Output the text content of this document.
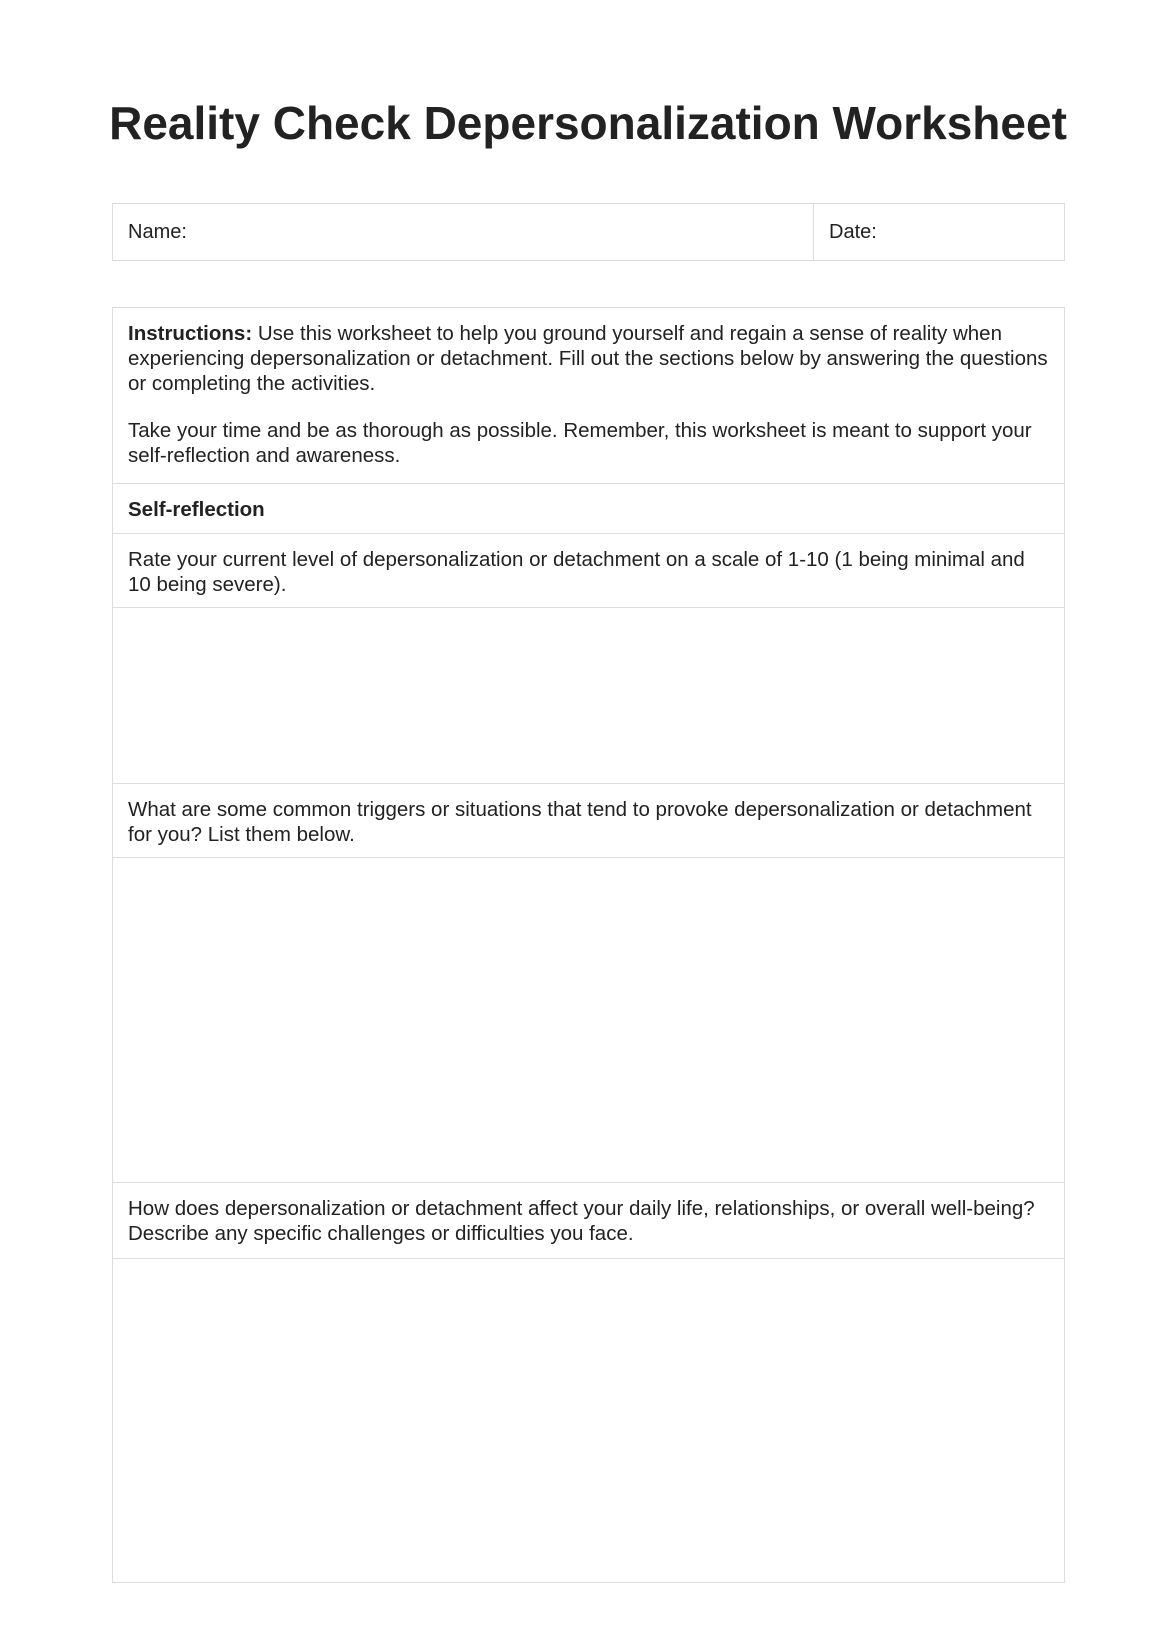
Reality Check Depersonalization Worksheet
Name:	Date:

Instructions: Use this worksheet to help you ground yourself and regain a sense of reality when experiencing depersonalization or detachment. Fill out the sections below by answering the questions or completing the activities.

Take your time and be as thorough as possible. Remember, this worksheet is meant to support your self-reflection and awareness.

Self-reflection
Rate your current level of depersonalization or detachment on a scale of 1-10 (1 being minimal and 10 being severe).
What are some common triggers or situations that tend to provoke depersonalization or detachment for you? List them below.
How does depersonalization or detachment affect your daily life, relationships, or overall well-being? Describe any specific challenges or difficulties you face.
